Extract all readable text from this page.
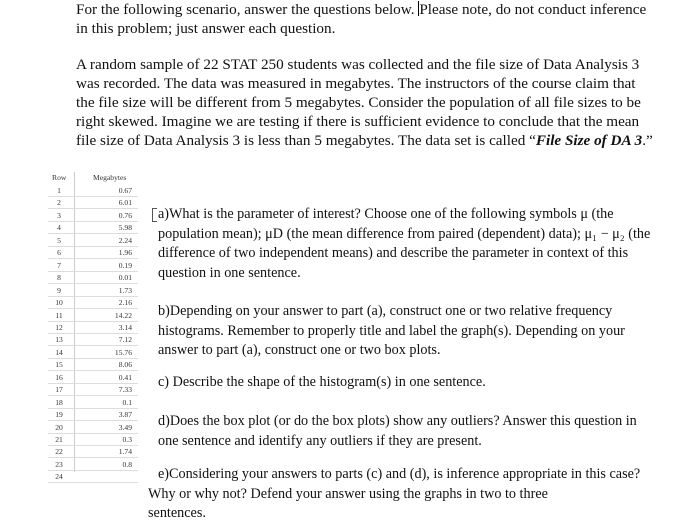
For the following scenario, answer the questions below. Please note, do not conduct inference in this problem; just answer each question.

A random sample of 22 STAT 250 students was collected and the file size of Data Analysis 3 was recorded. The data was measured in megabytes. The instructors of the course claim that the file size will be different from 5 megabytes. Consider the population of all file sizes to be right skewed. Imagine we are testing if there is sufficient evidence to conclude that the mean file size of Data Analysis 3 is less than 5 megabytes. The data set is called “File Size of DA 3.”

Row	Megabytes
1	0.67
2	6.01
3	0.76
4	5.98
5	2.24
6	1.96
7	0.19
8	0.01
9	1.73
10	2.16
11	14.22
12	3.14
13	7.12
14	15.76
15	8.06
16	0.41
17	7.33
18	0.1
19	3.87
20	3.49
21	0.3
22	1.74
23	0.8
24

a)What is the parameter of interest? Choose one of the following symbols μ (the population mean); μD (the mean difference from paired (dependent) data); μ₁ − μ₂ (the difference of two independent means) and describe the parameter in context of this question in one sentence.

b)Depending on your answer to part (a), construct one or two relative frequency histograms. Remember to properly title and label the graph(s). Depending on your answer to part (a), construct one or two box plots.

c) Describe the shape of the histogram(s) in one sentence.

d)Does the box plot (or do the box plots) show any outliers? Answer this question in one sentence and identify any outliers if they are present.

e)Considering your answers to parts (c) and (d), is inference appropriate in this case? Why or why not? Defend your answer using the graphs in two to three
sentences.
